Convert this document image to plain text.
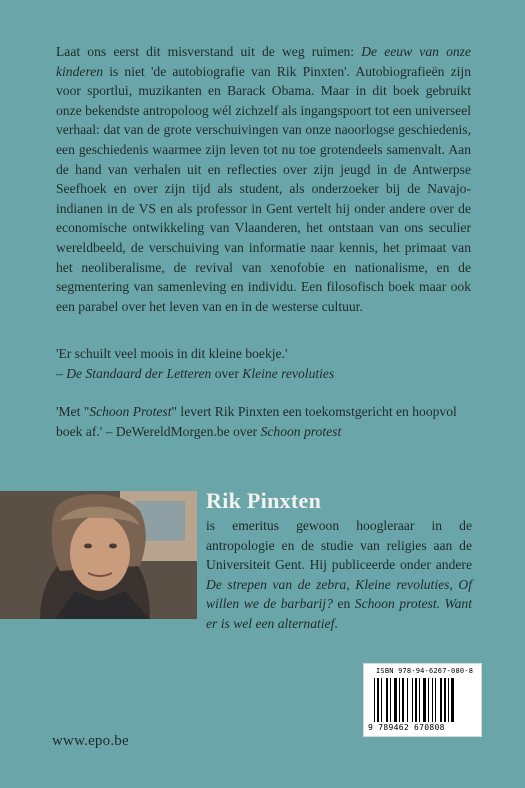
Laat ons eerst dit misverstand uit de weg ruimen: De eeuw van onze kinderen is niet 'de autobiografie van Rik Pinxten'. Autobiografieën zijn voor sportlui, muzikanten en Barack Obama. Maar in dit boek gebruikt onze bekendste antropoloog wél zichzelf als ingangspoort tot een universeel verhaal: dat van de grote verschuivingen van onze naoorlogse geschiedenis, een geschiedenis waarmee zijn leven tot nu toe grotendeels samenvalt. Aan de hand van verhalen uit en reflecties over zijn jeugd in de Antwerpse Seefhoek en over zijn tijd als student, als onderzoeker bij de Navajo-indianen in de VS en als professor in Gent vertelt hij onder andere over de economische ontwikkeling van Vlaanderen, het ontstaan van ons seculier wereldbeeld, de verschuiving van informatie naar kennis, het primaat van het neoliberalisme, de revival van xenofobie en nationalisme, en de segmentering van samenleving en individu. Een filosofisch boek maar ook een parabel over het leven van en in de westerse cultuur.
'Er schuilt veel moois in dit kleine boekje.'
– De Standaard der Letteren over Kleine revoluties
'Met "Schoon Protest" levert Rik Pinxten een toekomstgericht en hoopvol boek af.' – DeWereldMorgen.be over Schoon protest
Rik Pinxten
is emeritus gewoon hoogleraar in de antropologie en de studie van religies aan de Universiteit Gent. Hij publiceerde onder andere De strepen van de zebra, Kleine revoluties, Of willen we de barbarij? en Schoon protest. Want er is wel een alternatief.
ISBN 978-94-6267-080-8
9 789462 670808
www.epo.be
